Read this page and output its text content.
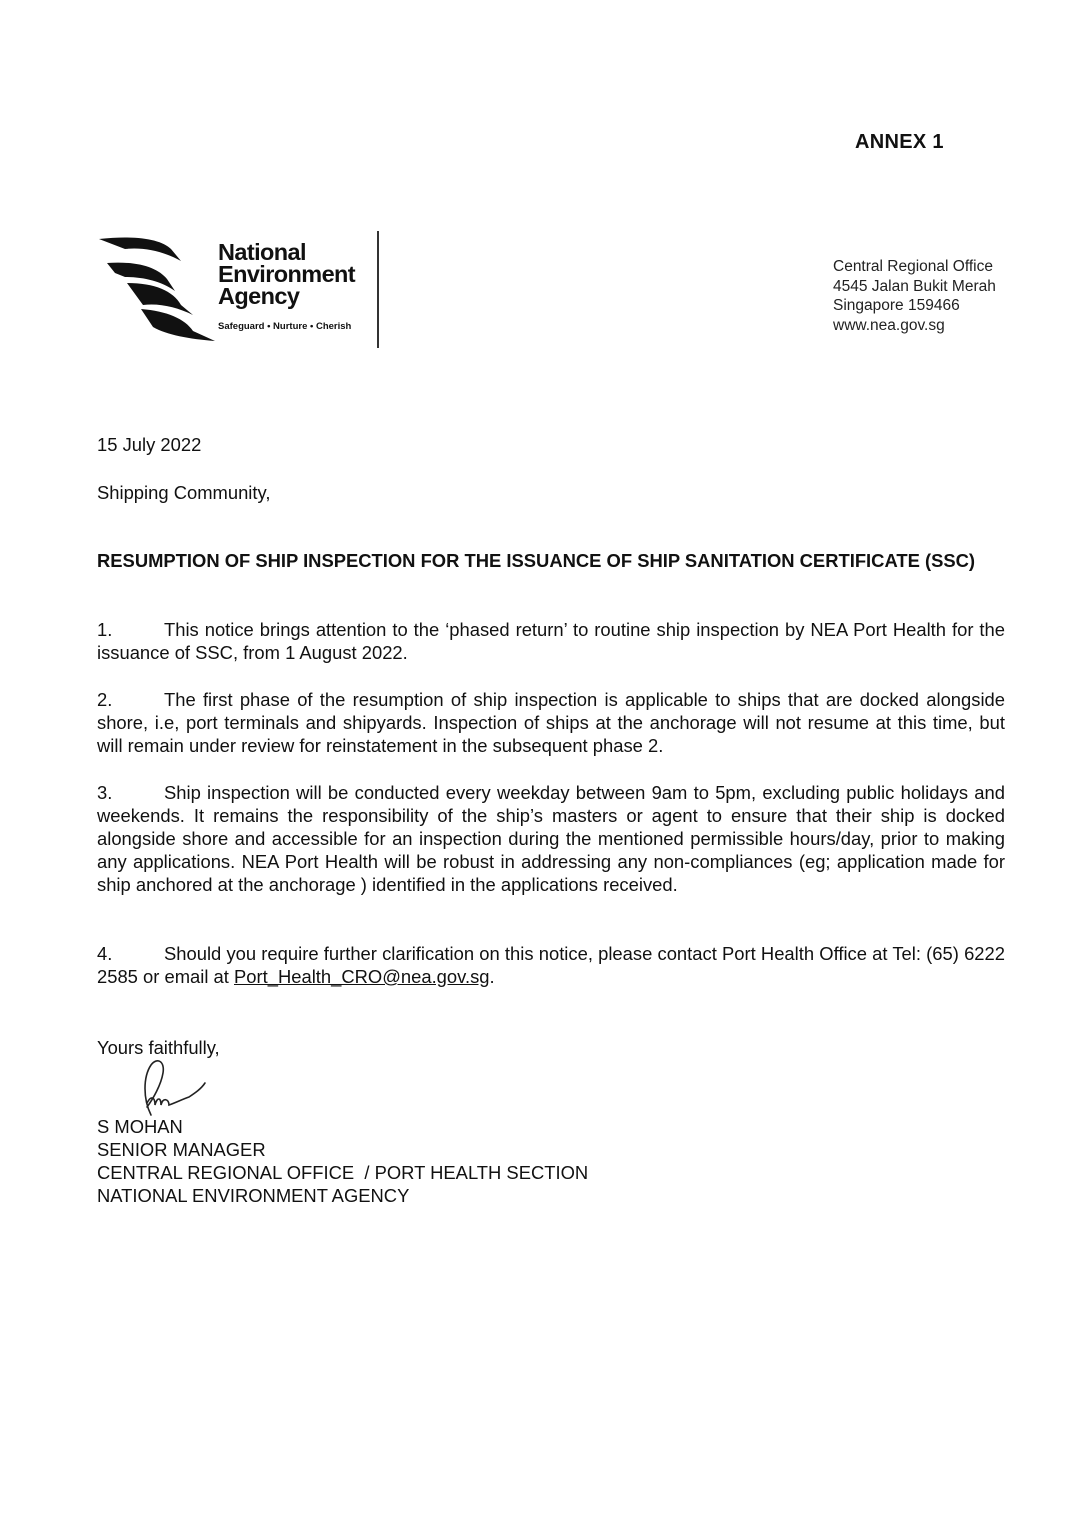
ANNEX 1
National
Environment
Agency
Safeguard • Nurture • Cherish
Central Regional Office
4545 Jalan Bukit Merah
Singapore 159466
www.nea.gov.sg
15 July 2022
Shipping Community,
RESUMPTION OF SHIP INSPECTION FOR THE ISSUANCE OF SHIP SANITATION CERTIFICATE (SSC)
1.	This notice brings attention to the ‘phased return’ to routine ship inspection by NEA Port Health for the issuance of SSC, from 1 August 2022.
2.	The first phase of the resumption of ship inspection is applicable to ships that are docked alongside shore, i.e, port terminals and shipyards. Inspection of ships at the anchorage will not resume at this time, but will remain under review for reinstatement in the subsequent phase 2.
3.	Ship inspection will be conducted every weekday between 9am to 5pm, excluding public holidays and weekends. It remains the responsibility of the ship’s masters or agent to ensure that their ship is docked alongside shore and accessible for an inspection during the mentioned permissible hours/day, prior to making any applications. NEA Port Health will be robust in addressing any non-compliances (eg; application made for ship anchored at the anchorage ) identified in the applications received.
4.	Should you require further clarification on this notice, please contact Port Health Office at Tel: (65) 6222 2585 or email at Port_Health_CRO@nea.gov.sg.
Yours faithfully,
S MOHAN
SENIOR MANAGER
CENTRAL REGIONAL OFFICE  / PORT HEALTH SECTION
NATIONAL ENVIRONMENT AGENCY
